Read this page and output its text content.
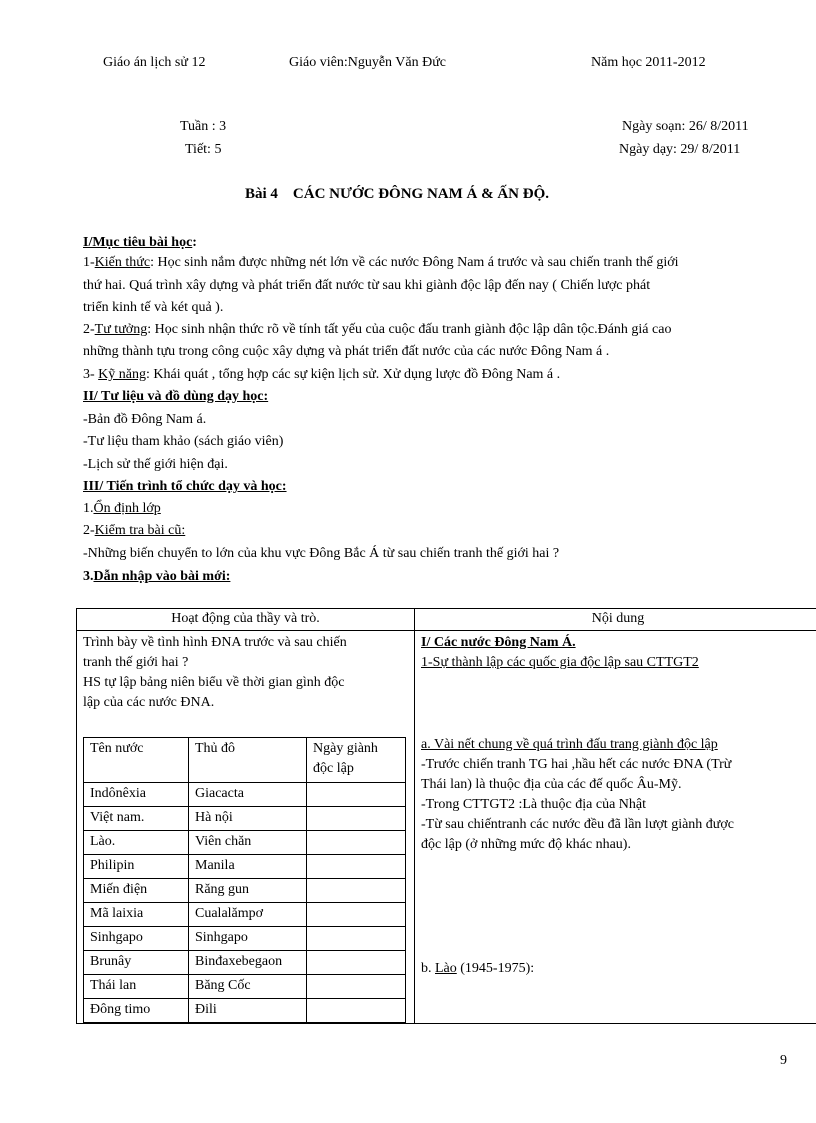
Giáo án lịch sử 12	Giáo viên:Nguyễn Văn Đức	Năm học 2011-2012
Tuần : 3
Tiết: 5
Ngày soạn: 26/ 8/2011
Ngày dạy: 29/ 8/2011
Bài 4    CÁC NƯỚC ĐÔNG NAM Á & ẤN ĐỘ.
I/Mục tiêu bài học:
1-Kiến thức: Học sinh nắm được những nét lớn về các nước Đông Nam á trước và sau chiến tranh thế giới
thứ hai. Quá trình xây dựng và phát triển đất nước từ sau khi giành độc lập đến nay ( Chiến lược phát
triển kinh tế và két quả ).
2-Tư tưởng: Học sinh nhận thức rõ về tính tất yếu của cuộc đấu tranh giành độc lập dân tộc.Đánh giá cao
những thành tựu trong công cuộc xây dựng và phát triển đất nước của các nước Đông Nam á .
3- Kỹ năng: Khái quát , tổng hợp các sự kiện lịch sử. Xử dụng lược đồ Đông Nam á .
II/ Tư liệu và đồ dùng dạy học:
-Bản đồ Đông Nam á.
-Tư liệu tham khảo (sách giáo viên)
-Lịch sử thế giới hiện đại.
III/ Tiến trình tổ chức dạy và học:
1.Ổn định lớp
2-Kiểm tra bài cũ:
-Những biến chuyển to lớn của khu vực Đông Bắc Á từ sau chiến tranh thế giới hai ?
3.Dẫn nhập vào bài mới:
Hoạt động của thầy và trò.	Nội dung

Trình bày về tình hình ĐNA trước và sau chiến
tranh thế giới hai ?
HS tự lập bảng niên biểu về thời gian gình độc
lập của các nước ĐNA.
Tên nước	Thủ đô	Ngày giành độc lập
Indônêxia	Giacacta	
Việt nam.	Hà nội	
Lào.	Viên chăn	
Philipin	Manila	
Miến điện	Răng gun	
Mã laixia	Cualalămpơ	
Sinhgapo	Sinhgapo	
Brunây	Binđaxebegaon	
Thái lan	Băng Cốc	
Đông timo	Đili	

I/ Các nước Đông Nam Á.
1-Sự thành lập các quốc gia độc lập sau CTTGT2
a. Vài nết chung về quá trình đấu trang giành độc lập
-Trước chiến tranh TG hai ,hầu hết các nước ĐNA (Trừ
Thái lan) là thuộc địa của các đế quốc Âu-Mỹ.
-Trong CTTGT2 :Là thuộc địa của Nhật
-Từ sau chiếntranh các nước đều đã lần lượt giành được
độc lập (ở những mức độ khác nhau).
b. Lào (1945-1975):
9
